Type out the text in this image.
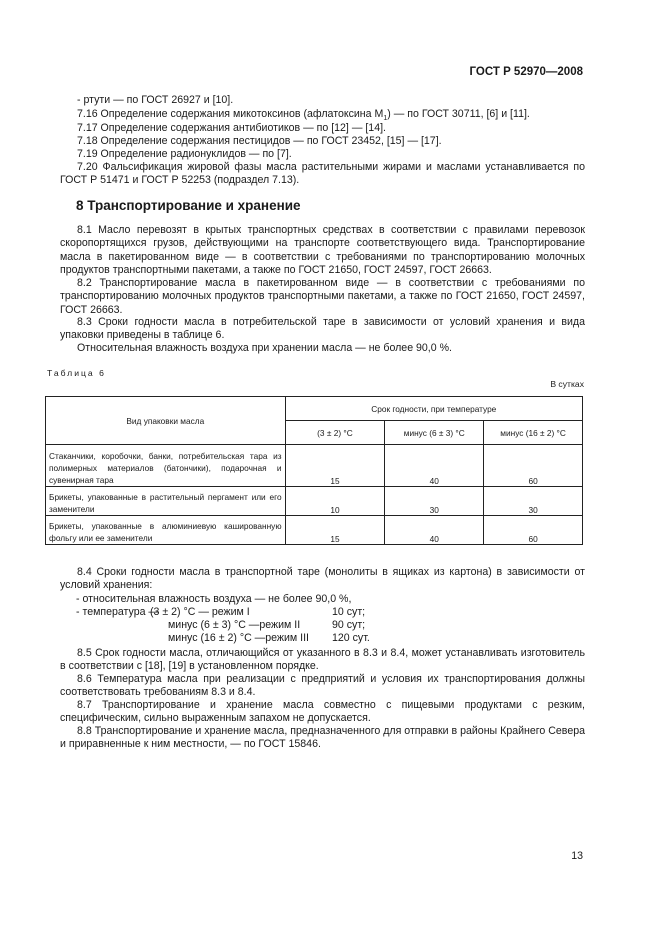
ГОСТ Р 52970—2008
- ртути — по ГОСТ 26927 и [10].
7.16 Определение содержания микотоксинов (афлатоксина $M_1$) — по ГОСТ 30711, [6] и [11].
7.17 Определение содержания антибиотиков — по [12] — [14].
7.18 Определение содержания пестицидов — по ГОСТ 23452, [15] — [17].
7.19 Определение радионуклидов — по [7].
7.20 Фальсификация жировой фазы масла растительными жирами и маслами устанавливается по ГОСТ Р 51471 и ГОСТ Р 52253 (подраздел 7.13).
8 Транспортирование и хранение
8.1 Масло перевозят в крытых транспортных средствах в соответствии с правилами перевозок скоропортящихся грузов, действующими на транспорте соответствующего вида. Транспортирование масла в пакетированном виде — в соответствии с требованиями по транспортированию молочных продуктов транспортными пакетами, а также по ГОСТ 21650, ГОСТ 24597, ГОСТ 26663.
8.2 Транспортирование масла в пакетированном виде — в соответствии с требованиями по транспортированию молочных продуктов транспортными пакетами, а также по ГОСТ 21650, ГОСТ 24597, ГОСТ 26663.
8.3 Сроки годности масла в потребительской таре в зависимости от условий хранения и вида упаковки приведены в таблице 6.
Относительная влажность воздуха при хранении масла — не более 90,0 %.
Таблица 6
В сутках
Вид упаковки масла	Срок годности, при температуре		
	(3 ± 2) °C	минус (6 ± 3) °C	минус (16 ± 2) °C
Стаканчики, коробочки, банки, потребительская тара из полимерных материалов (батончики), подарочная и сувенирная тара	15	40	60
Брикеты, упакованные в растительный пергамент или его заменители	10	30	30
Брикеты, упакованные в алюминиевую кашированную фольгу или ее заменители	15	40	60
8.4 Сроки годности масла в транспортной таре (монолиты в ящиках из картона) в зависимости от условий хранения:
- относительная влажность воздуха — не более 90,0 %,
- температура —
(3 ± 2) °C — режим I	10 сут;
минус (6 ± 3) °C —режим II	90 сут;
минус (16 ± 2) °C —режим III 120 сут.
8.5 Срок годности масла, отличающийся от указанного в 8.3 и 8.4, может устанавливать изготовитель в соответствии с [18], [19] в установленном порядке.
8.6 Температура масла при реализации с предприятий и условия их транспортирования должны соответствовать требованиям 8.3 и 8.4.
8.7 Транспортирование и хранение масла совместно с пищевыми продуктами с резким, специфическим, сильно выраженным запахом не допускается.
8.8 Транспортирование и хранение масла, предназначенного для отправки в районы Крайнего Севера и приравненные к ним местности, — по ГОСТ 15846.
13
